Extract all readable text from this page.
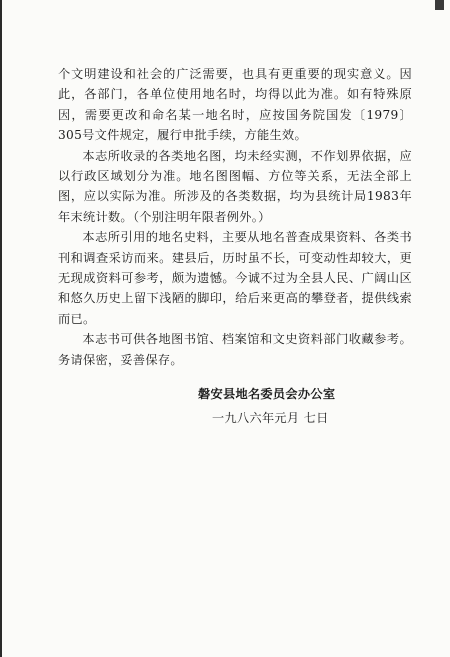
个文明建设和社会的广泛需要，也具有更重要的现实意义。因此，各部门，各单位使用地名时，均得以此为准。如有特殊原因，需要更改和命名某一地名时，应按国务院国发〔1979〕305号文件规定，履行申批手续，方能生效。

本志所收录的各类地名图，均未经实测，不作划界依据，应以行政区域划分为准。地名图图幅、方位等关系，无法全部上图，应以实际为准。所涉及的各类数据，均为县统计局1983年年末统计数。（个别注明年限者例外。）

本志所引用的地名史料，主要从地名普查成果资料、各类书刊和调查采访而来。建县后，历时虽不长，可变动性却较大，更无现成资料可参考，颇为遗憾。今诚不过为全县人民、广阔山区和悠久历史上留下浅陋的脚印，给后来更高的攀登者，提供线索而已。

本志书可供各地图书馆、档案馆和文史资料部门收藏参考。务请保密，妥善保存。

磐安县地名委员会办公室
一九八六年元月 七日
